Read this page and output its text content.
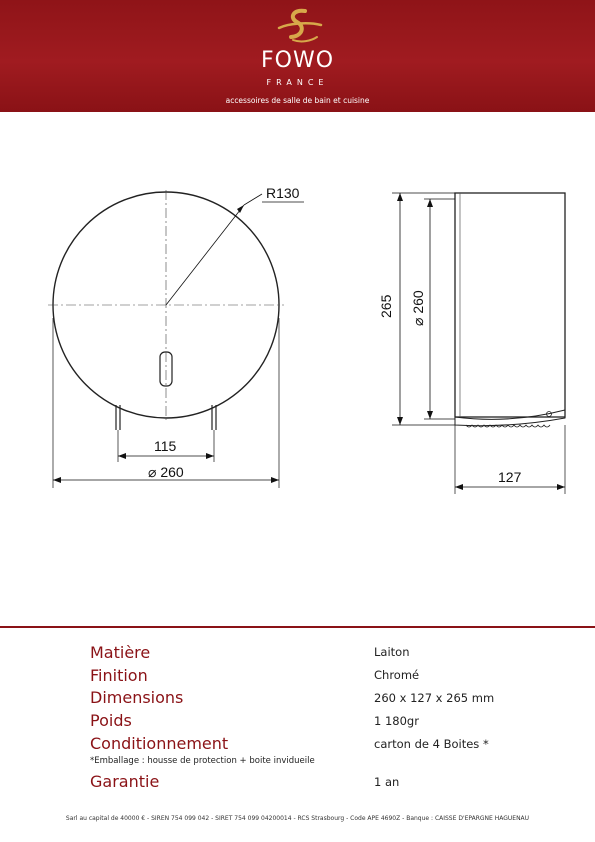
FOWO
FRANCE
accessoires de salle de bain et cuisine
R130
115
⌀ 260
265 ⌀ 260
127
Matière	Laiton
Finition	Chromé
Dimensions	260 x 127 x 265 mm
Poids	1 180gr
Conditionnement	carton de 4 Boites *
*Emballage : housse de protection + boite invidueile
Garantie	1 an
Sarl au capital de 40000 € - SIREN 754 099 042 - SIRET 754 099 04200014 - RCS Strasbourg - Code APE 4690Z - Banque : CAISSE D'EPARGNE HAGUENAU
